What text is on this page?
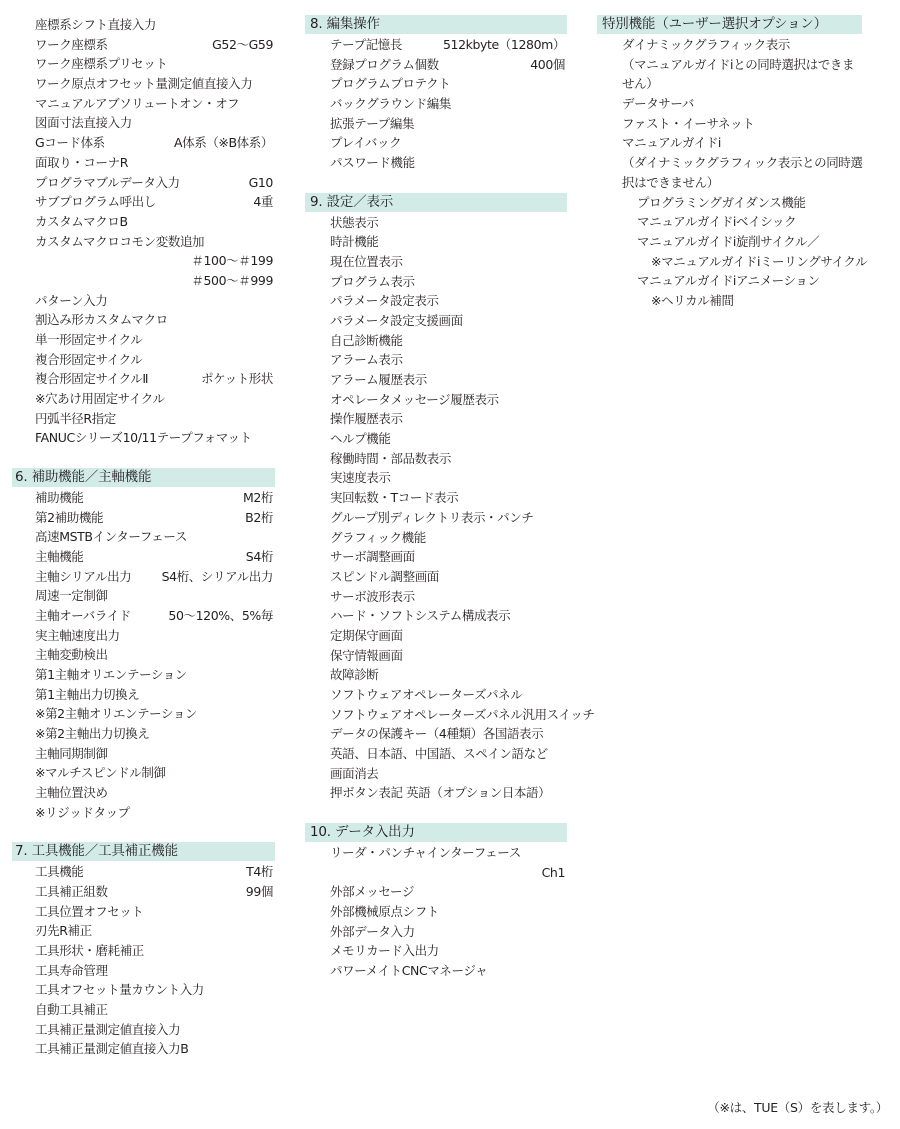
座標系シフト直接入力
ワーク座標系	G52～G59
ワーク座標系プリセット
ワーク原点オフセット量測定値直接入力
マニュアルアブソリュートオン・オフ
図面寸法直接入力
Gコード体系	A体系（※B体系）
面取り・コーナR
プログラマブルデータ入力	G10
サブプログラム呼出し	4重
カスタムマクロB
カスタムマクロコモン変数追加
＃100～＃199
＃500～＃999
パターン入力
割込み形カスタムマクロ
単一形固定サイクル
複合形固定サイクル
複合形固定サイクルⅡ	ポケット形状
※穴あけ用固定サイクル
円弧半径R指定
FANUCシリーズ10/11テープフォマット
6. 補助機能／主軸機能
補助機能	M2桁
第2補助機能	B2桁
高速MSTBインターフェース
主軸機能	S4桁
主軸シリアル出力 S4桁、シリアル出力
周速一定制御
主軸オーバライド	50～120%、5%毎
実主軸速度出力
主軸変動検出
第1主軸オリエンテーション
第1主軸出力切換え
※第2主軸オリエンテーション
※第2主軸出力切換え
主軸同期制御
※マルチスピンドル制御
主軸位置決め
※リジッドタップ
7. 工具機能／工具補正機能
工具機能	T4桁
工具補正組数	99個
工具位置オフセット
刃先R補正
工具形状・磨耗補正
工具寿命管理
工具オフセット量カウント入力
自動工具補正
工具補正量測定値直接入力
工具補正量測定値直接入力B
8. 編集操作
テープ記憶長	512kbyte（1280m）
登録プログラム個数	400個
プログラムプロテクト
バックグラウンド編集
拡張テープ編集
プレイバック
パスワード機能
9. 設定／表示
状態表示
時計機能
現在位置表示
プログラム表示
パラメータ設定表示
パラメータ設定支援画面
自己診断機能
アラーム表示
アラーム履歴表示
オペレータメッセージ履歴表示
操作履歴表示
ヘルプ機能
稼働時間・部品数表示
実速度表示
実回転数・Tコード表示
グループ別ディレクトリ表示・パンチ
グラフィック機能
サーボ調整画面
スピンドル調整画面
サーボ波形表示
ハード・ソフトシステム構成表示
定期保守画面
保守情報画面
故障診断
ソフトウェアオペレーターズパネル
ソフトウェアオペレーターズパネル汎用スイッチ
データの保護キー（4種類）各国語表示
英語、日本語、中国語、スペイン語など
画面消去
押ボタン表記 英語（オプション日本語）
10. データ入出力
リーダ・パンチャインターフェース
Ch1
外部メッセージ
外部機械原点シフト
外部データ入力
メモリカード入出力
パワーメイトCNCマネージャ
特別機能（ユーザー選択オプション）
ダイナミックグラフィック表示
（マニュアルガイドiとの同時選択はできま
せん）
データサーバ
ファスト・イーサネット
マニュアルガイドi
（ダイナミックグラフィック表示との同時選
択はできません）
プログラミングガイダンス機能
マニュアルガイドiベイシック
マニュアルガイドi旋削サイクル／
※マニュアルガイドiミーリングサイクル
マニュアルガイドiアニメーション
※ヘリカル補間
（※は、TUE（S）を表します。）
